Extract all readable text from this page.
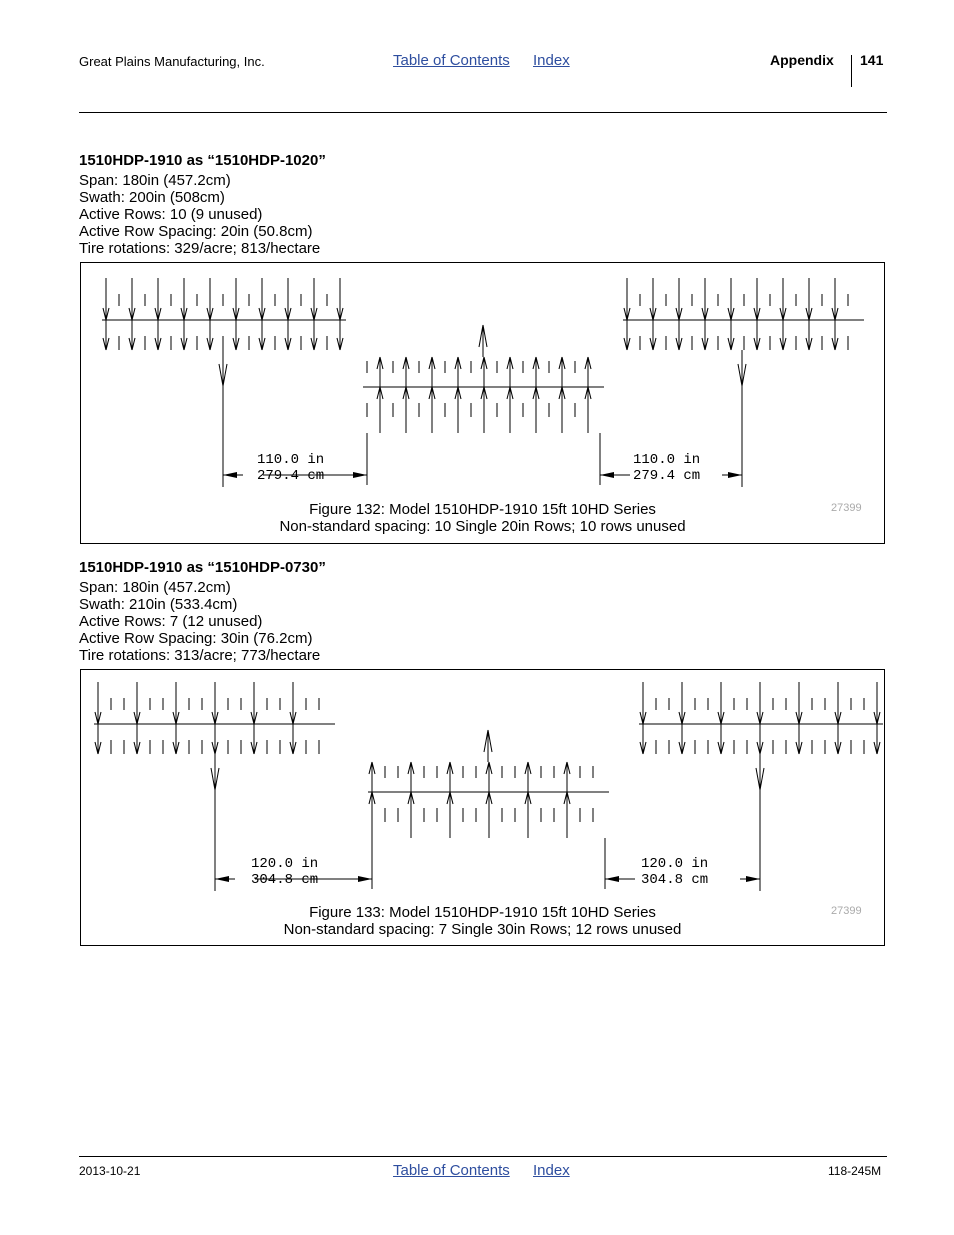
Great Plains Manufacturing, Inc.	Table of Contents Index	Appendix 141
1510HDP-1910 as “1510HDP-1020”
Span: 180in (457.2cm)
Swath: 200in (508cm)
Active Rows: 10 (9 unused)
Active Row Spacing: 20in (50.8cm)
Tire rotations: 329/acre; 813/hectare
110.0 in
279.4 cm
110.0 in
279.4 cm
Figure 132: Model 1510HDP-1910 15ft 10HD Series
Non-standard spacing: 10 Single 20in Rows; 10 rows unused
27399
1510HDP-1910 as “1510HDP-0730”
Span: 180in (457.2cm)
Swath: 210in (533.4cm)
Active Rows: 7 (12 unused)
Active Row Spacing: 30in (76.2cm)
Tire rotations: 313/acre; 773/hectare
120.0 in
304.8 cm
120.0 in
304.8 cm
Figure 133: Model 1510HDP-1910 15ft 10HD Series
Non-standard spacing: 7 Single 30in Rows; 12 rows unused
27399
2013-10-21	Table of Contents Index	118-245M
